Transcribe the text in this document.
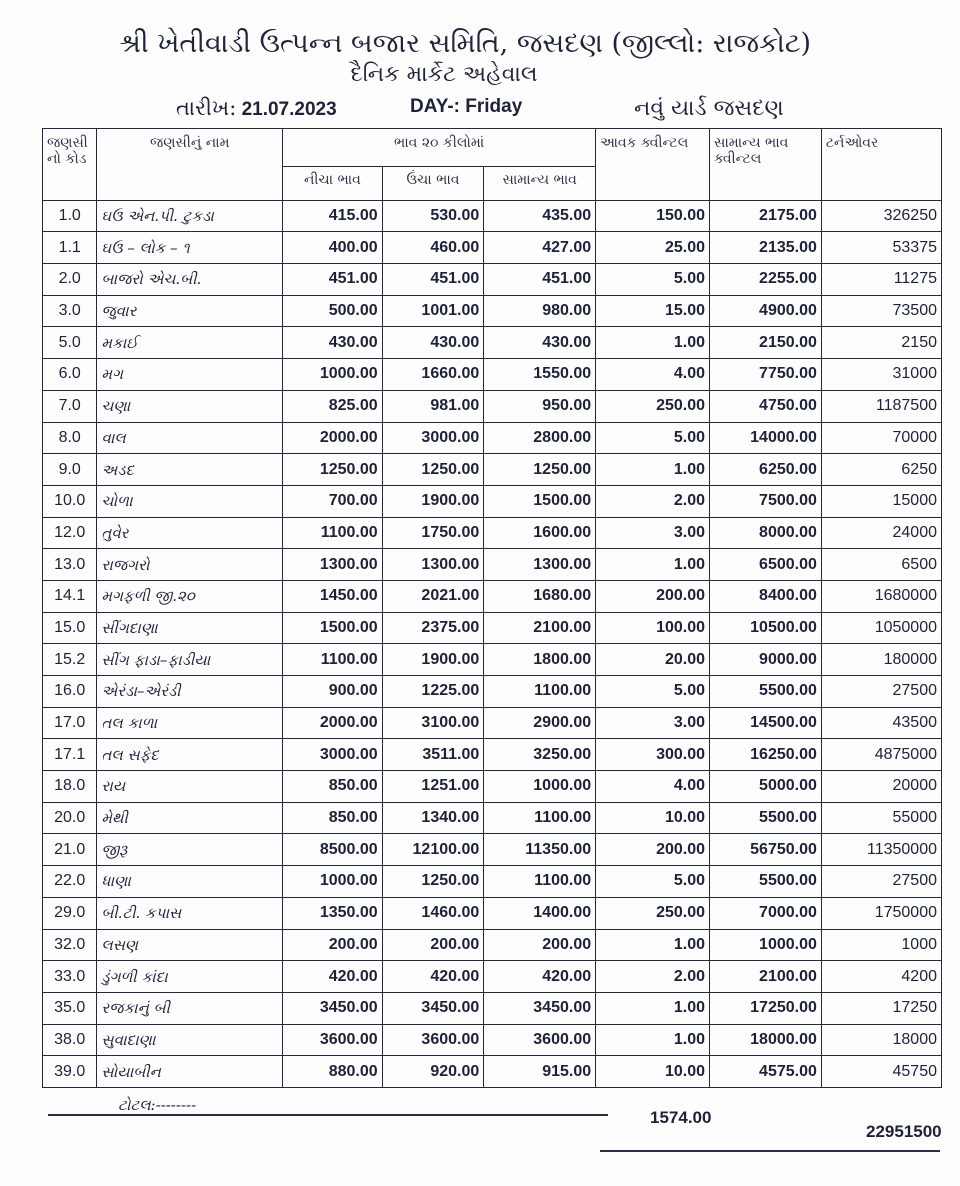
શ્રી ખેતીવાડી ઉત્પન્ન બજાર સમિતિ, જસદણ (જીલ્લો: રાજકોટ)
દૈનિક માર્કેટ અહેવાલ
તારીખ: 21.07.2023	DAY-: Friday	નવું યાર્ડ જસદણ
જણસી નો કોડ	જણસીનું નામ	ભાવ ૨૦ કીલોમાં			આવક ક્વીન્ટલ	સામાન્ય ભાવ ક્વીન્ટલ	ટર્નઓવર
		નીચા ભાવ	ઉંચા ભાવ	સામાન્ય ભાવ			
1.0	ઘઉ એન.પી. ટુકડા	415.00	530.00	435.00	150.00	2175.00	326250
1.1	ઘઉ – લોક – ૧	400.00	460.00	427.00	25.00	2135.00	53375
2.0	બાજરો એચ.બી.	451.00	451.00	451.00	5.00	2255.00	11275
3.0	જુવાર	500.00	1001.00	980.00	15.00	4900.00	73500
5.0	મકાઈ	430.00	430.00	430.00	1.00	2150.00	2150
6.0	મગ	1000.00	1660.00	1550.00	4.00	7750.00	31000
7.0	ચણા	825.00	981.00	950.00	250.00	4750.00	1187500
8.0	વાલ	2000.00	3000.00	2800.00	5.00	14000.00	70000
9.0	અડદ	1250.00	1250.00	1250.00	1.00	6250.00	6250
10.0	ચોળા	700.00	1900.00	1500.00	2.00	7500.00	15000
12.0	તુવેર	1100.00	1750.00	1600.00	3.00	8000.00	24000
13.0	રાજગરો	1300.00	1300.00	1300.00	1.00	6500.00	6500
14.1	મગફળી જી.૨૦	1450.00	2021.00	1680.00	200.00	8400.00	1680000
15.0	સીંગદાણા	1500.00	2375.00	2100.00	100.00	10500.00	1050000
15.2	સીંગ ફાડા–ફાડીયા	1100.00	1900.00	1800.00	20.00	9000.00	180000
16.0	એરંડા–એરંડી	900.00	1225.00	1100.00	5.00	5500.00	27500
17.0	તલ કાળા	2000.00	3100.00	2900.00	3.00	14500.00	43500
17.1	તલ સફેદ	3000.00	3511.00	3250.00	300.00	16250.00	4875000
18.0	રાય	850.00	1251.00	1000.00	4.00	5000.00	20000
20.0	મેથી	850.00	1340.00	1100.00	10.00	5500.00	55000
21.0	જીરૂ	8500.00	12100.00	11350.00	200.00	56750.00	11350000
22.0	ધાણા	1000.00	1250.00	1100.00	5.00	5500.00	27500
29.0	બી.ટી. કપાસ	1350.00	1460.00	1400.00	250.00	7000.00	1750000
32.0	લસણ	200.00	200.00	200.00	1.00	1000.00	1000
33.0	ડુંગળી કાંદા	420.00	420.00	420.00	2.00	2100.00	4200
35.0	રજકાનું બી	3450.00	3450.00	3450.00	1.00	17250.00	17250
38.0	સુવાદાણા	3600.00	3600.00	3600.00	1.00	18000.00	18000
39.0	સોયાબીન	880.00	920.00	915.00	10.00	4575.00	45750
ટોટલ:--------
1574.00
22951500
